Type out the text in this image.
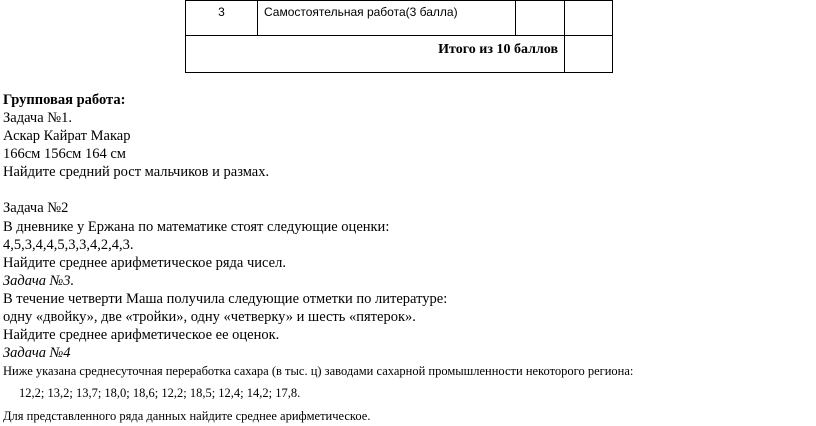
3	Самостоятельная работа(3 балла)		
Итого из 10 баллов			
Групповая работа:
Задача №1.
Аскар Кайрат Макар
166см 156см 164 см
Найдите средний рост мальчиков и размах.
Задача №2
В дневнике у Ержана по математике стоят следующие оценки:
4,5,3,4,4,5,3,3,4,2,4,3.
Найдите среднее арифметическое ряда чисел.
Задача №3.
В течение четверти Маша получила следующие отметки по литературе:
одну «двойку», две «тройки», одну «четверку» и шесть «пятерок».
Найдите среднее арифметическое ее оценок.
Задача №4
Ниже указана среднесуточная переработка сахара (в тыс. ц) заводами сахарной промышленности некоторого региона:
12,2; 13,2; 13,7; 18,0; 18,6; 12,2; 18,5; 12,4; 14,2; 17,8.
Для представленного ряда данных найдите среднее арифметическое.
